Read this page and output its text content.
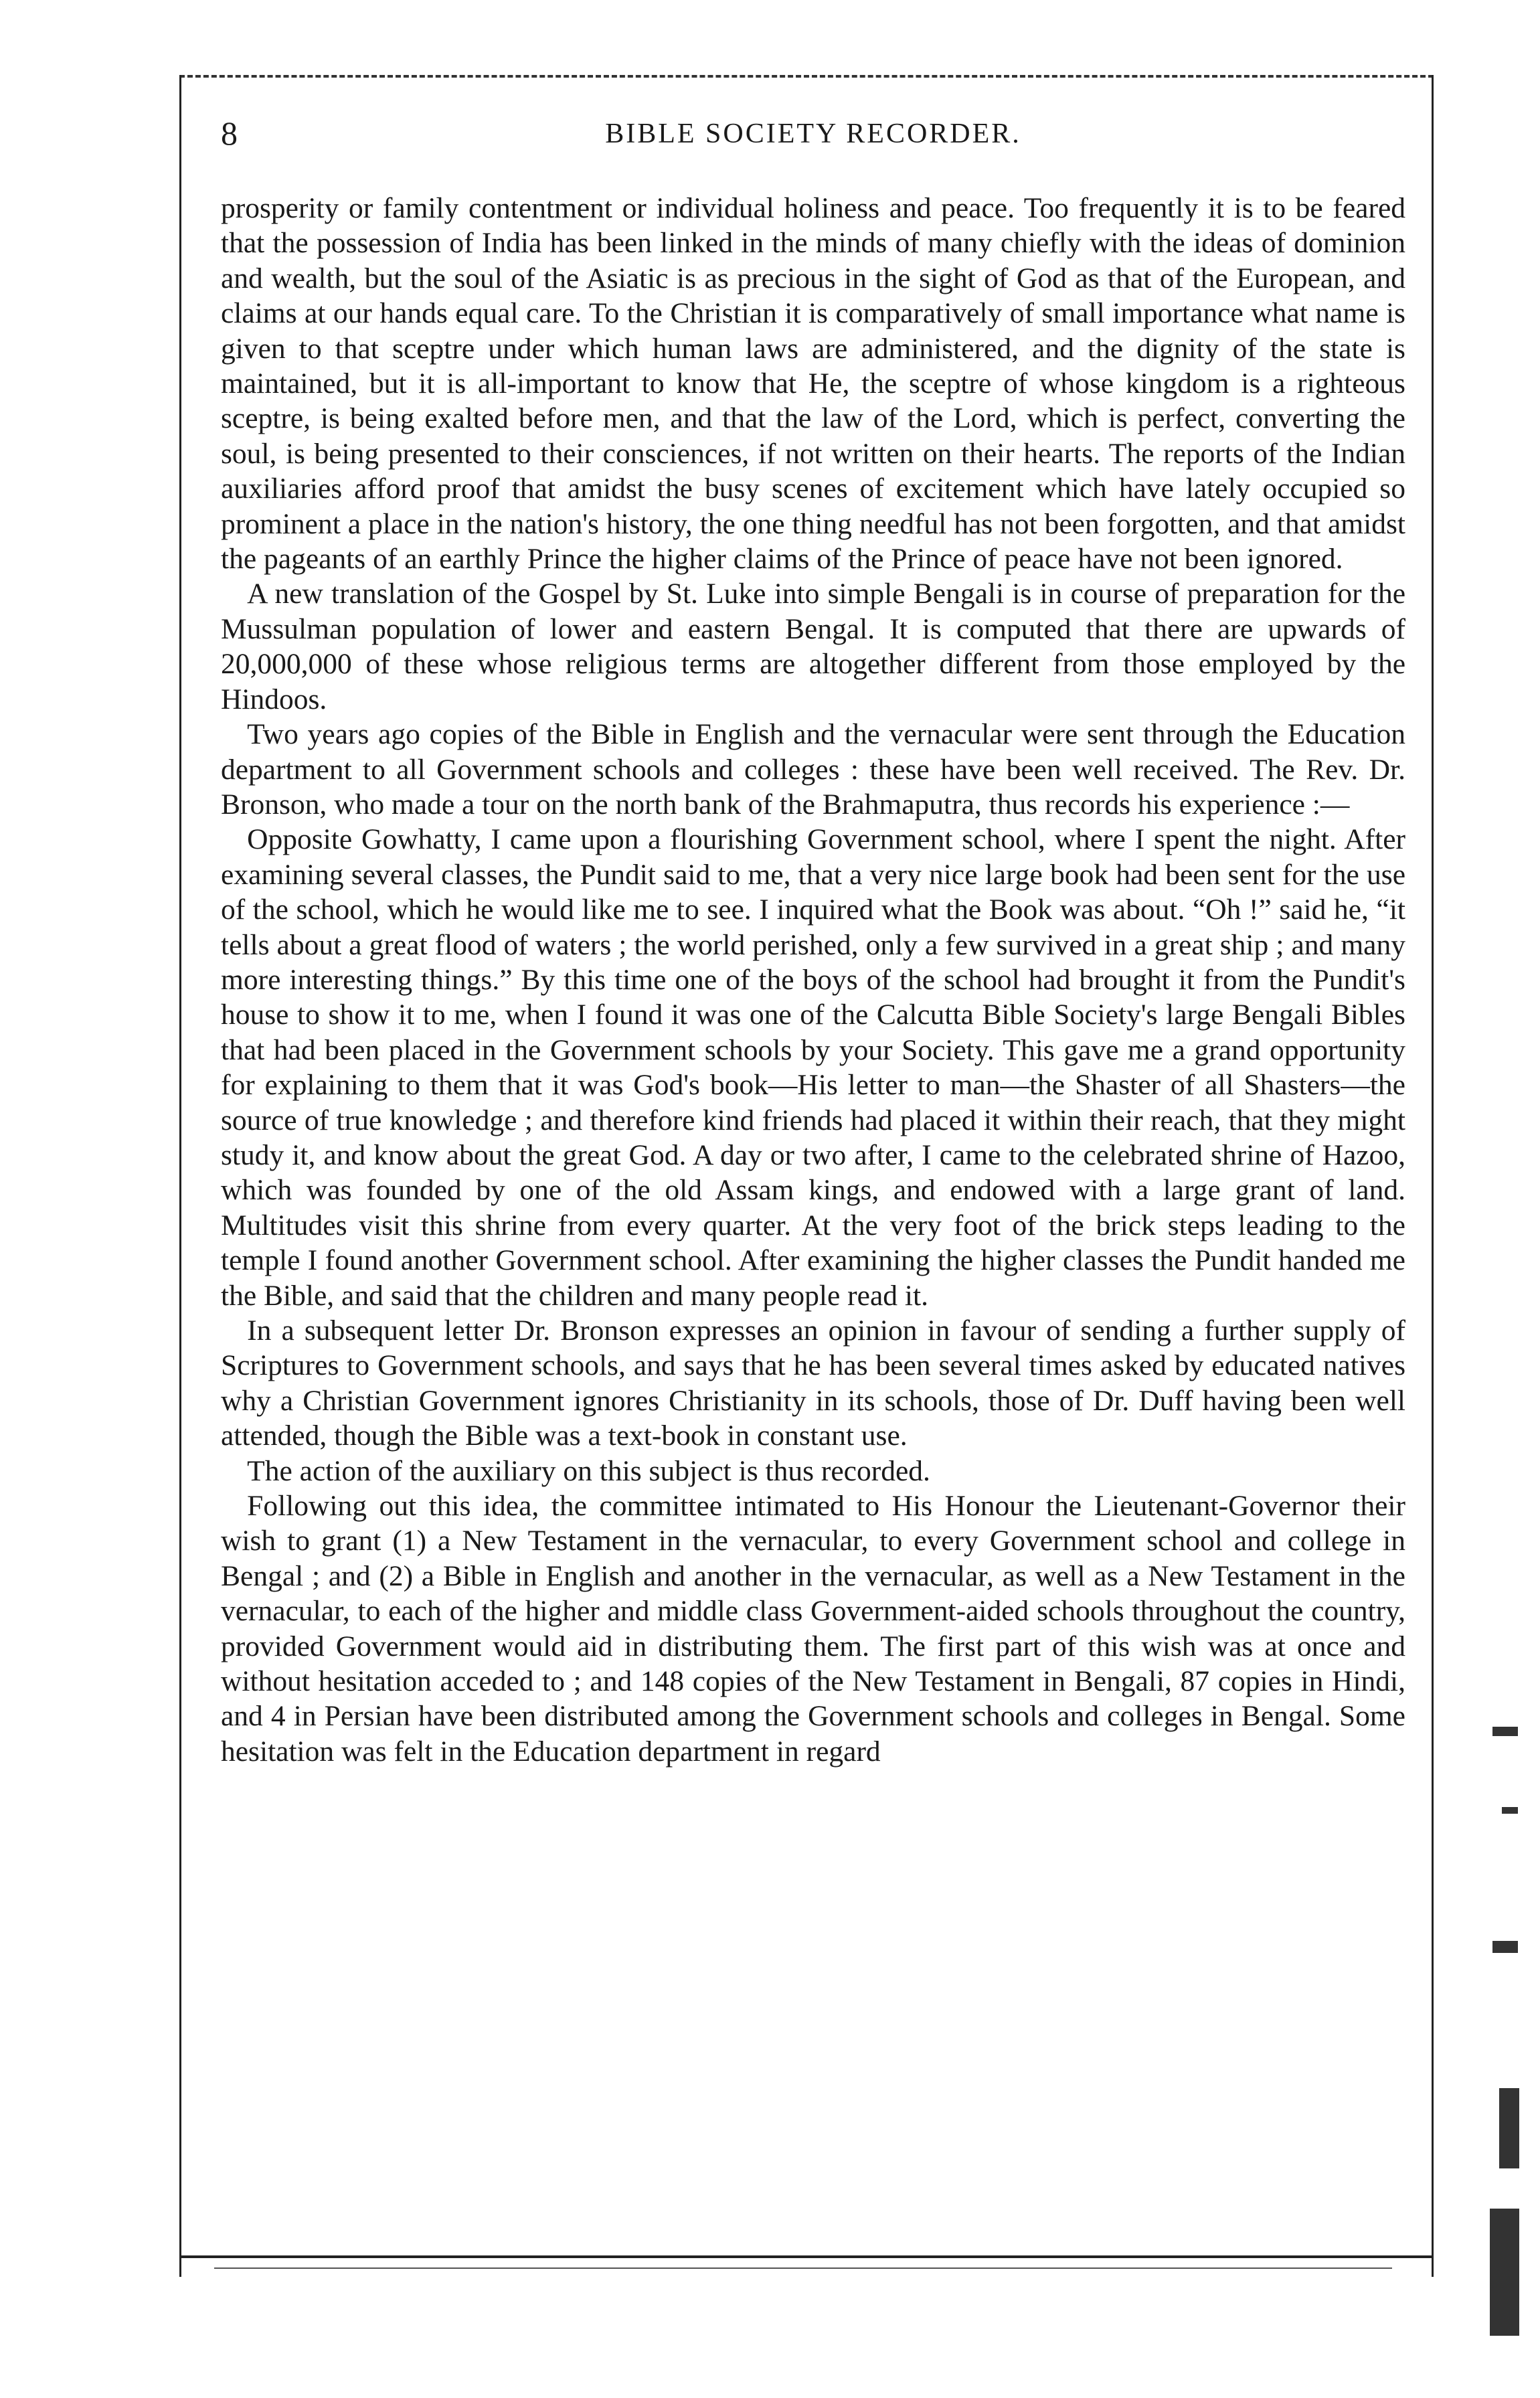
8	BIBLE SOCIETY RECORDER.

prosperity or family contentment or individual holiness and peace. Too frequently it is to be feared that the possession of India has been linked in the minds of many chiefly with the ideas of dominion and wealth, but the soul of the Asiatic is as precious in the sight of God as that of the European, and claims at our hands equal care. To the Christian it is comparatively of small importance what name is given to that sceptre under which human laws are administered, and the dignity of the state is maintained, but it is all-important to know that He, the sceptre of whose kingdom is a righteous sceptre, is being exalted before men, and that the law of the Lord, which is perfect, converting the soul, is being presented to their consciences, if not written on their hearts. The reports of the Indian auxiliaries afford proof that amidst the busy scenes of excitement which have lately occupied so prominent a place in the nation's history, the one thing needful has not been forgotten, and that amidst the pageants of an earthly Prince the higher claims of the Prince of peace have not been ignored.

A new translation of the Gospel by St. Luke into simple Bengali is in course of preparation for the Mussulman population of lower and eastern Bengal. It is computed that there are upwards of 20,000,000 of these whose religious terms are altogether different from those employed by the Hindoos.

Two years ago copies of the Bible in English and the vernacular were sent through the Education department to all Government schools and colleges : these have been well received. The Rev. Dr. Bronson, who made a tour on the north bank of the Brahmaputra, thus records his experience :—

Opposite Gowhatty, I came upon a flourishing Government school, where I spent the night. After examining several classes, the Pundit said to me, that a very nice large book had been sent for the use of the school, which he would like me to see. I inquired what the Book was about. “Oh !” said he, “it tells about a great flood of waters ; the world perished, only a few survived in a great ship ; and many more interesting things.” By this time one of the boys of the school had brought it from the Pundit's house to show it to me, when I found it was one of the Calcutta Bible Society's large Bengali Bibles that had been placed in the Government schools by your Society. This gave me a grand opportunity for explaining to them that it was God's book—His letter to man—the Shaster of all Shasters—the source of true knowledge ; and therefore kind friends had placed it within their reach, that they might study it, and know about the great God. A day or two after, I came to the celebrated shrine of Hazoo, which was founded by one of the old Assam kings, and endowed with a large grant of land. Multitudes visit this shrine from every quarter. At the very foot of the brick steps leading to the temple I found another Government school. After examining the higher classes the Pundit handed me the Bible, and said that the children and many people read it.

In a subsequent letter Dr. Bronson expresses an opinion in favour of sending a further supply of Scriptures to Government schools, and says that he has been several times asked by educated natives why a Christian Government ignores Christianity in its schools, those of Dr. Duff having been well attended, though the Bible was a text-book in constant use.

The action of the auxiliary on this subject is thus recorded.

Following out this idea, the committee intimated to His Honour the Lieutenant-Governor their wish to grant (1) a New Testament in the vernacular, to every Government school and college in Bengal ; and (2) a Bible in English and another in the vernacular, as well as a New Testament in the vernacular, to each of the higher and middle class Government-aided schools throughout the country, provided Government would aid in distributing them. The first part of this wish was at once and without hesitation acceded to ; and 148 copies of the New Testament in Bengali, 87 copies in Hindi, and 4 in Persian have been distributed among the Government schools and colleges in Bengal. Some hesitation was felt in the Education department in regard
